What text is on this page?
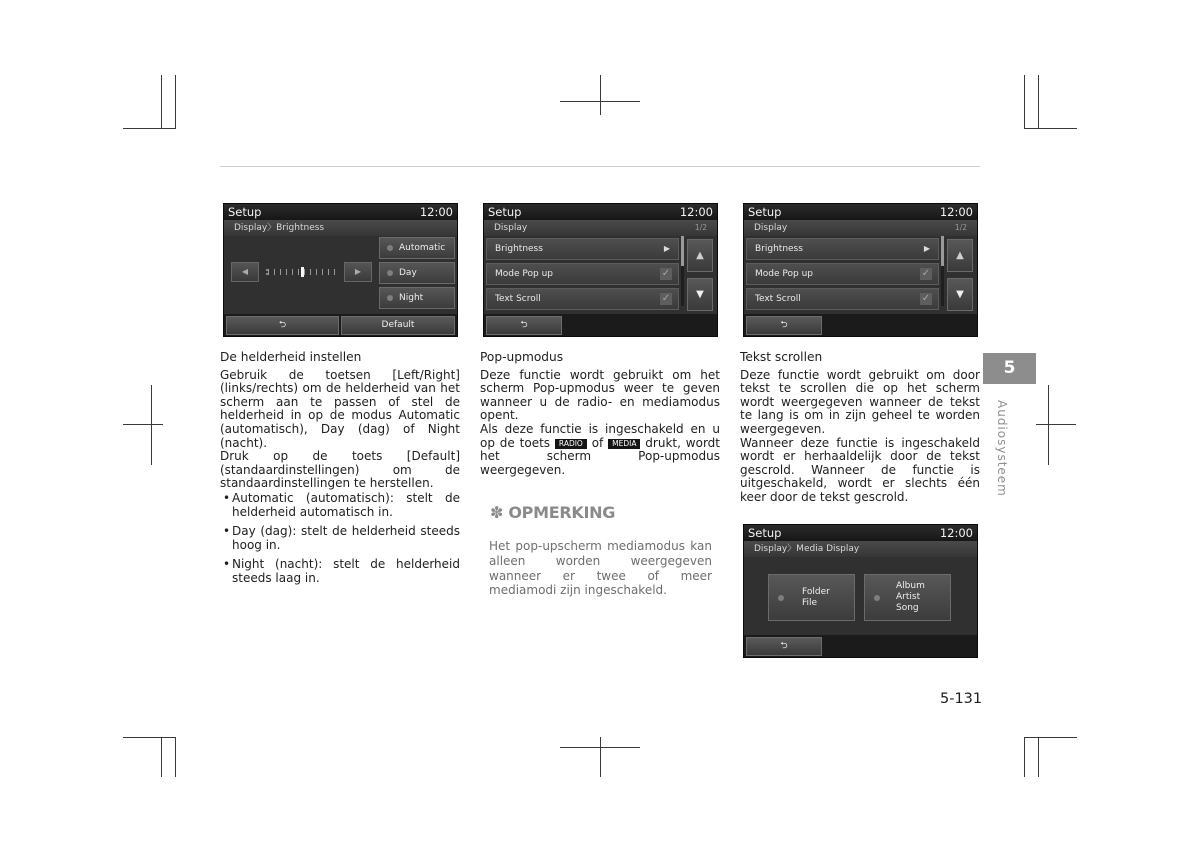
Setup	12:00
Display〉Brightness
◀	▶
Automatic
Day
Night
⮌	Default
Setup	12:00
Display	1/2
Brightness	▶
Mode Pop up	✓
Text Scroll	✓
▲
▼
⮌
Setup	12:00
Display	1/2
Brightness	▶
Mode Pop up	✓
Text Scroll	✓
▲
▼
⮌
Setup	12:00
Display〉Media Display
Folder
File
Album
Artist
Song
⮌
De helderheid instellen

Gebruik de toetsen [Left/Right] (links/rechts) om de helderheid van het scherm aan te passen of stel de helderheid in op de modus Automatic (automatisch), Day (dag) of Night (nacht).

Druk op de toets [Default] (standaardinstellingen) om de standaardinstellingen te herstellen.

• Automatic (automatisch): stelt de helderheid automatisch in.
• Day (dag): stelt de helderheid steeds hoog in.
• Night (nacht): stelt de helderheid steeds laag in.
Pop-upmodus

Deze functie wordt gebruikt om het scherm Pop-upmodus weer te geven wanneer u de radio- en mediamodus opent.

Als deze functie is ingeschakeld en u op de toets RADIO of MEDIA drukt, wordt het scherm Pop-upmodus weergegeven.

✽ OPMERKING
Het pop-upscherm mediamodus kan alleen worden weergegeven wanneer er twee of meer mediamodi zijn ingeschakeld.
Tekst scrollen

Deze functie wordt gebruikt om door tekst te scrollen die op het scherm wordt weergegeven wanneer de tekst te lang is om in zijn geheel te worden weergegeven.

Wanneer deze functie is ingeschakeld wordt er herhaaldelijk door de tekst gescrold. Wanneer de functie is uitgeschakeld, wordt er slechts één keer door de tekst gescrold.

5
Audiosysteem
5-131
